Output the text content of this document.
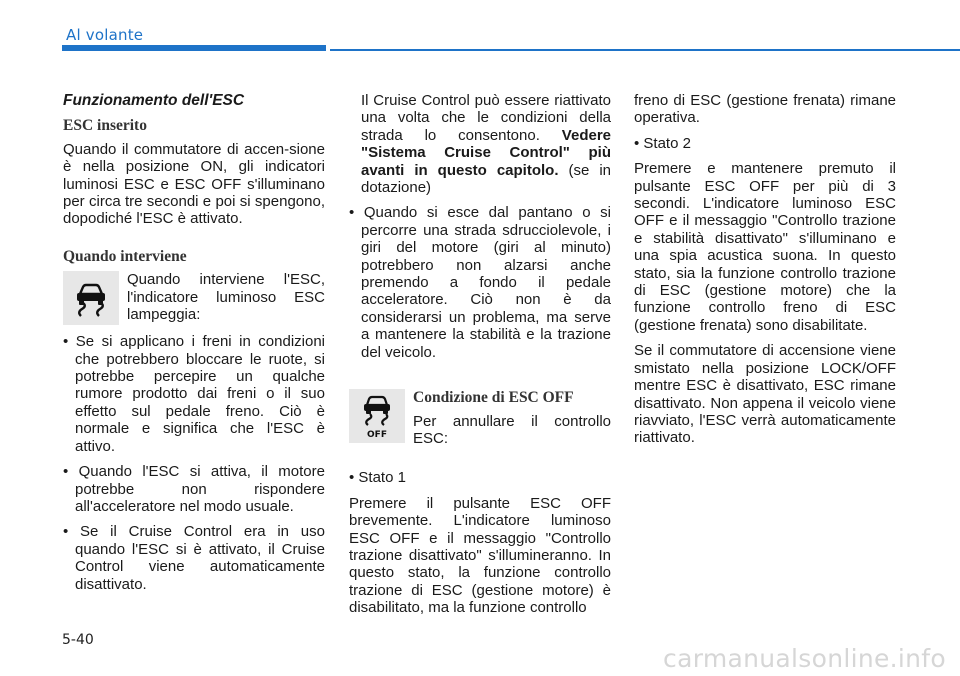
Al volante
Funzionamento dell'ESC
ESC inserito

Quando il commutatore di accen-sione è nella posizione ON, gli indicatori luminosi ESC e ESC OFF s'illuminano per circa tre secondi e poi si spengono, dopodiché l'ESC è attivato.

Quando interviene
Quando interviene l'ESC, l'indicatore luminoso ESC lampeggia:

• Se si applicano i freni in condizioni che potrebbero bloccare le ruote, si potrebbe percepire un qualche rumore prodotto dai freni o il suo effetto sul pedale freno. Ciò è normale e significa che l'ESC è attivo.

• Quando l'ESC si attiva, il motore potrebbe non rispondere all'acceleratore nel modo usuale.

• Se il Cruise Control era in uso quando l'ESC si è attivato, il Cruise Control viene automaticamente disattivato.

Il Cruise Control può essere riattivato una volta che le condizioni della strada lo consentono. Vedere "Sistema Cruise Control" più avanti in questo capitolo. (se in dotazione)

• Quando si esce dal pantano o si percorre una strada sdrucciolevole, i giri del motore (giri al minuto) potrebbero non alzarsi anche premendo a fondo il pedale acceleratore. Ciò non è da considerarsi un problema, ma serve a mantenere la stabilità e la trazione del veicolo.

OFF
Condizione di ESC OFF
Per annullare il controllo ESC:

• Stato 1

Premere il pulsante ESC OFF brevemente. L'indicatore luminoso ESC OFF e il messaggio "Controllo trazione disattivato" s'illumineranno. In questo stato, la funzione controllo trazione di ESC (gestione motore) è disabilitato, ma la funzione controllo

freno di ESC (gestione frenata) rimane operativa.

• Stato 2

Premere e mantenere premuto il pulsante ESC OFF per più di 3 secondi. L'indicatore luminoso ESC OFF e il messaggio "Controllo trazione e stabilità disattivato" s'illuminano e una spia acustica suona. In questo stato, sia la funzione controllo trazione di ESC (gestione motore) che la funzione controllo freno di ESC (gestione frenata) sono disabilitate.

Se il commutatore di accensione viene smistato nella posizione LOCK/OFF mentre ESC è disattivato, ESC rimane disattivato. Non appena il veicolo viene riavviato, l'ESC verrà automaticamente riattivato.

5-40
carmanualsonline.info
